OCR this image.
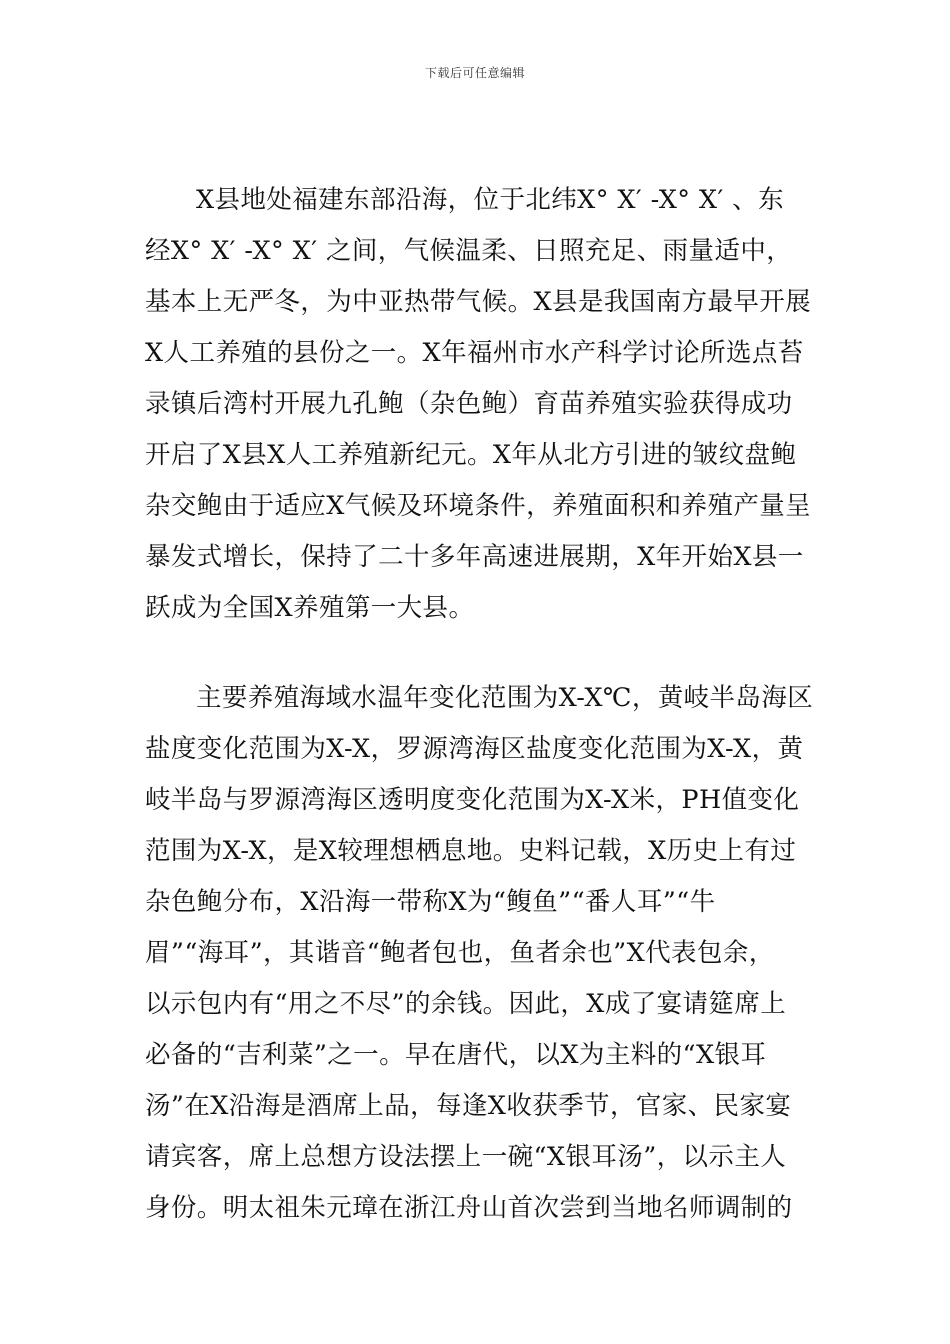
下载后可任意编辑
X县地处福建东部沿海，位于北纬X° X′ -X° X′ 、东
经X° X′ -X° X′ 之间，气候温柔、日照充足、雨量适中，
基本上无严冬，为中亚热带气候。X县是我国南方最早开展
X人工养殖的县份之一。X年福州市水产科学讨论所选点苔
录镇后湾村开展九孔鲍（杂色鲍）育苗养殖实验获得成功
开启了X县X人工养殖新纪元。X年从北方引进的皱纹盘鲍
杂交鲍由于适应X气候及环境条件，养殖面积和养殖产量呈
暴发式增长，保持了二十多年高速进展期，X年开始X县一
跃成为全国X养殖第一大县。
主要养殖海域水温年变化范围为X-X℃，黄岐半岛海区
盐度变化范围为X-X，罗源湾海区盐度变化范围为X-X，黄
岐半岛与罗源湾海区透明度变化范围为X-X米，PH值变化
范围为X-X，是X较理想栖息地。史料记载，X历史上有过
杂色鲍分布，X沿海一带称X为“鳆鱼”“番人耳”“牛
眉”“海耳”，其谐音“鲍者包也，鱼者余也”X代表包余，
以示包内有“用之不尽”的余钱。因此，X成了宴请筵席上
必备的“吉利菜”之一。早在唐代，以X为主料的“X银耳
汤”在X沿海是酒席上品，每逢X收获季节，官家、民家宴
请宾客，席上总想方设法摆上一碗“X银耳汤”，以示主人
身份。明太祖朱元璋在浙江舟山首次尝到当地名师调制的
